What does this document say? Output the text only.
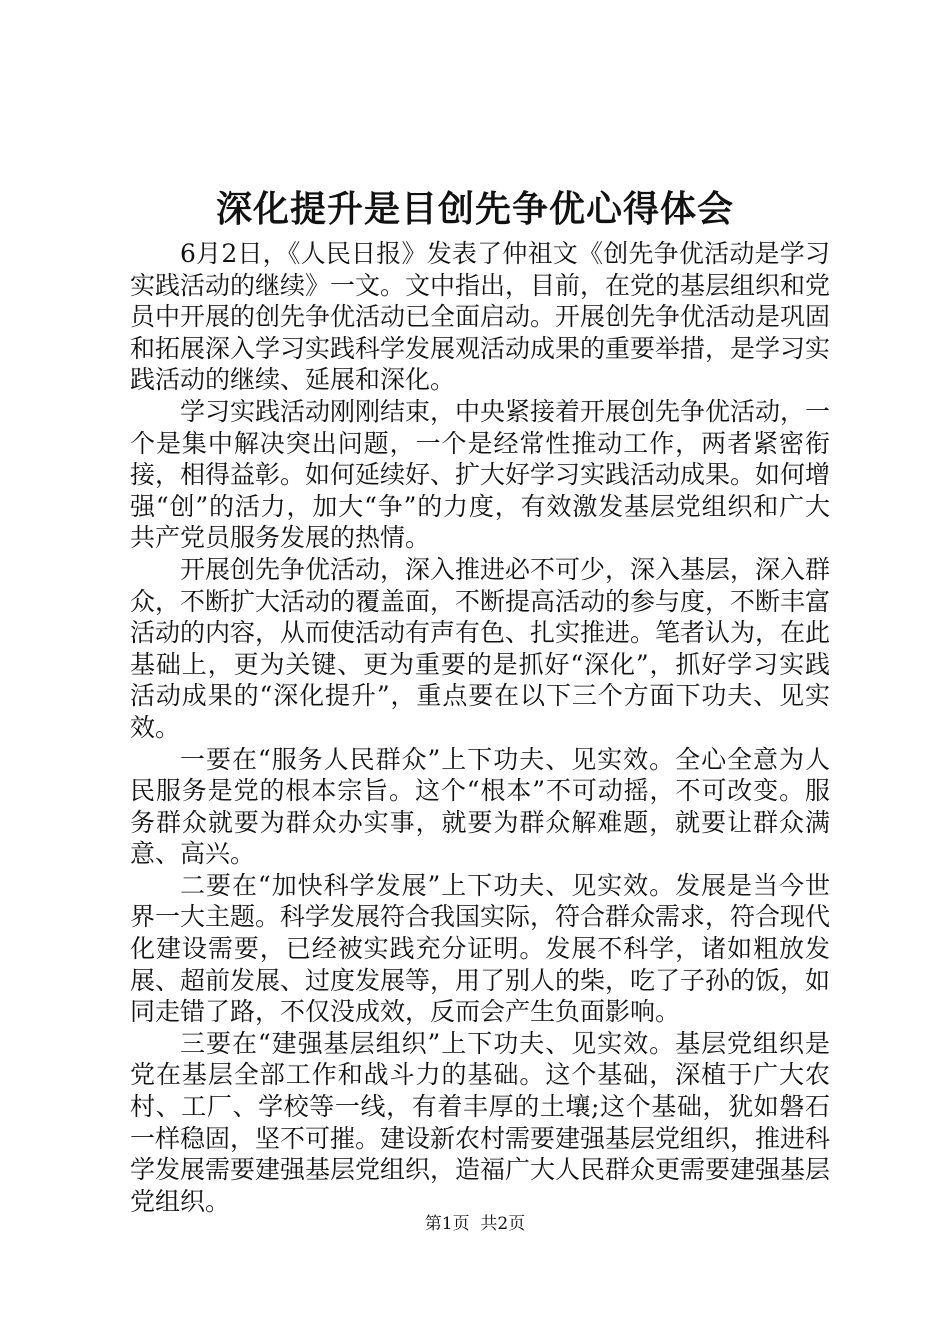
深化提升是目创先争优心得体会

6月2日，《人民日报》发表了仲祖文《创先争优活动是学习实践活动的继续》一文。文中指出，目前，在党的基层组织和党员中开展的创先争优活动已全面启动。开展创先争优活动是巩固和拓展深入学习实践科学发展观活动成果的重要举措，是学习实践活动的继续、延展和深化。

学习实践活动刚刚结束，中央紧接着开展创先争优活动，一个是集中解决突出问题，一个是经常性推动工作，两者紧密衔接，相得益彰。如何延续好、扩大好学习实践活动成果。如何增强“创”的活力，加大“争”的力度，有效激发基层党组织和广大共产党员服务发展的热情。

开展创先争优活动，深入推进必不可少，深入基层，深入群众，不断扩大活动的覆盖面，不断提高活动的参与度，不断丰富活动的内容，从而使活动有声有色、扎实推进。笔者认为，在此基础上，更为关键、更为重要的是抓好“深化”，抓好学习实践活动成果的“深化提升”，重点要在以下三个方面下功夫、见实效。

一要在“服务人民群众”上下功夫、见实效。全心全意为人民服务是党的根本宗旨。这个“根本”不可动摇，不可改变。服务群众就要为群众办实事，就要为群众解难题，就要让群众满意、高兴。

二要在“加快科学发展”上下功夫、见实效。发展是当今世界一大主题。科学发展符合我国实际，符合群众需求，符合现代化建设需要，已经被实践充分证明。发展不科学，诸如粗放发展、超前发展、过度发展等，用了别人的柴，吃了子孙的饭，如同走错了路，不仅没成效，反而会产生负面影响。

三要在“建强基层组织”上下功夫、见实效。基层党组织是党在基层全部工作和战斗力的基础。这个基础，深植于广大农村、工厂、学校等一线，有着丰厚的土壤;这个基础，犹如磐石一样稳固，坚不可摧。建设新农村需要建强基层党组织，推进科学发展需要建强基层党组织，造福广大人民群众更需要建强基层党组织。

第1页  共2页
